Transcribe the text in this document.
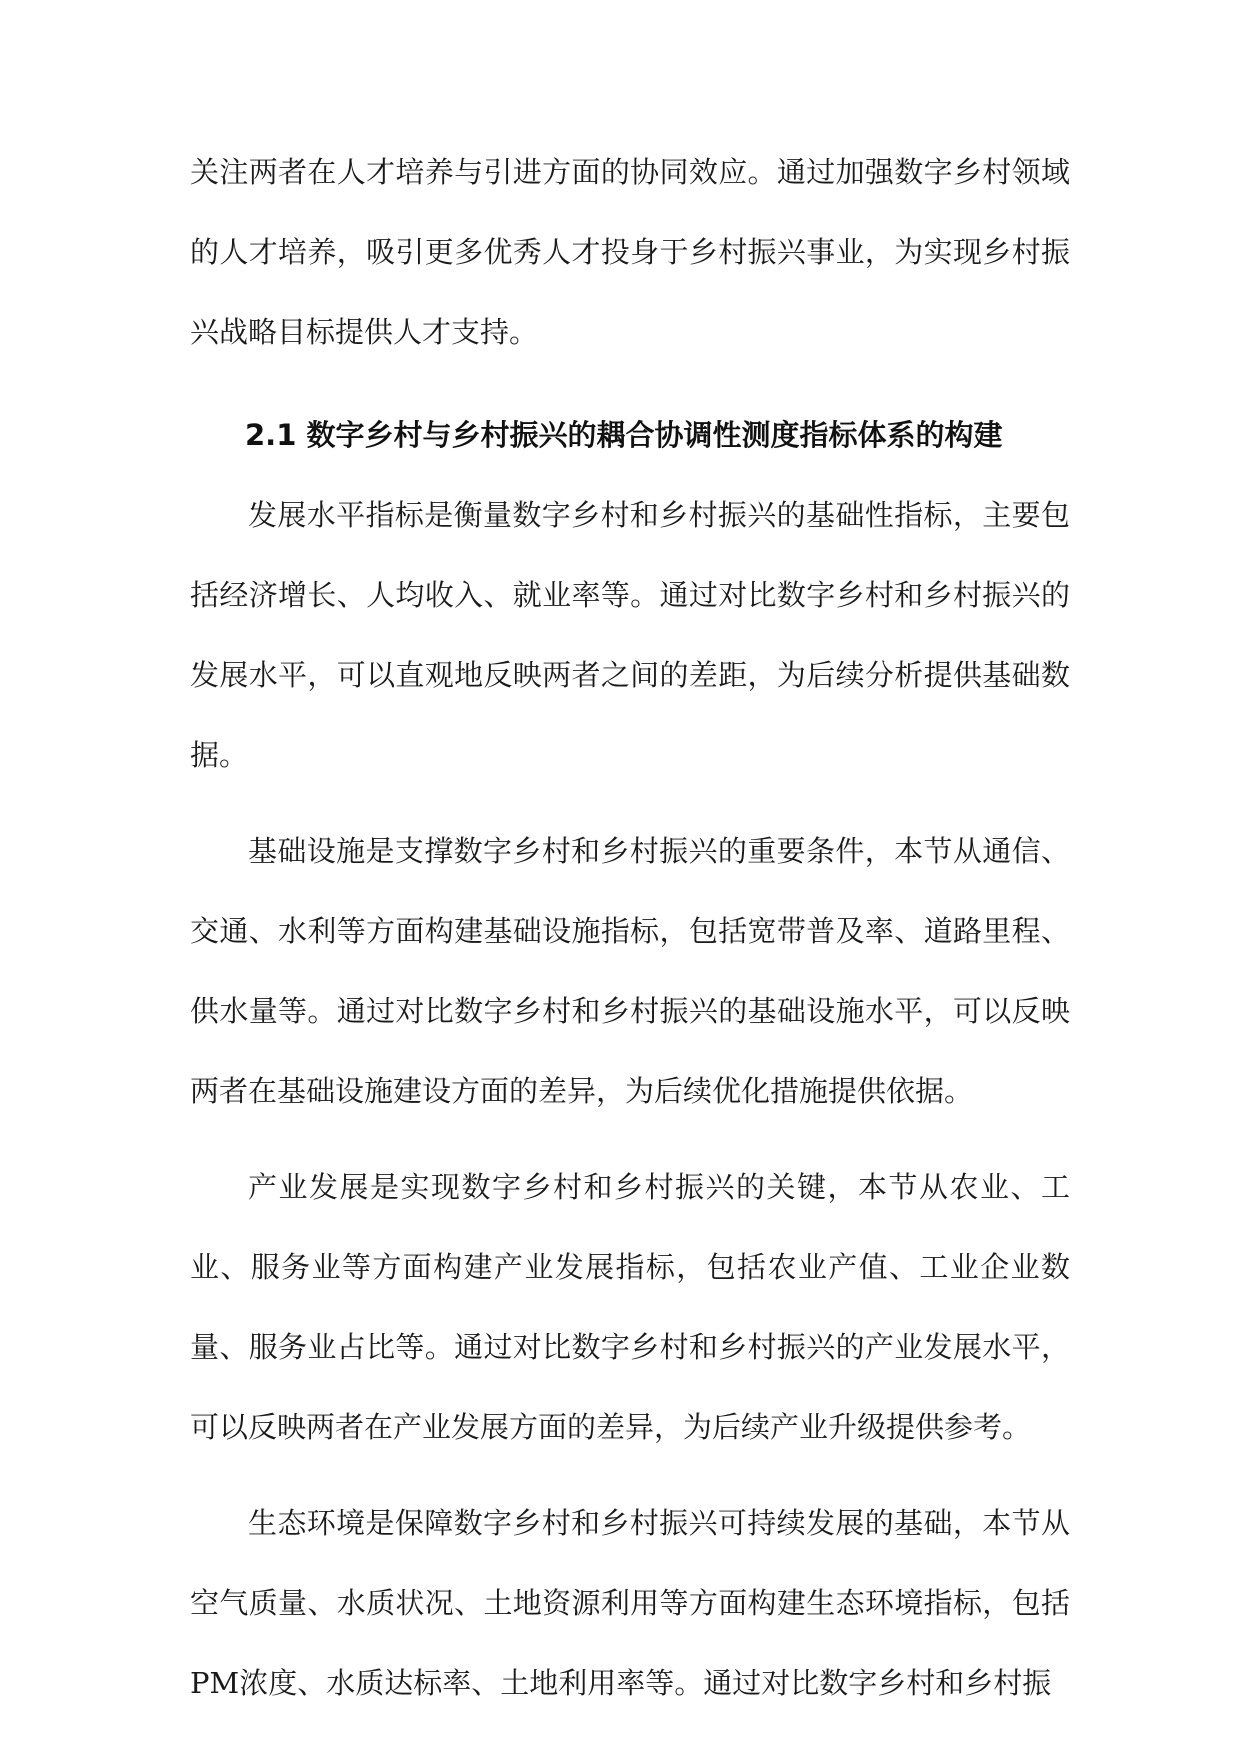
关注两者在人才培养与引进方面的协同效应。通过加强数字乡村领域的人才培养，吸引更多优秀人才投身于乡村振兴事业，为实现乡村振兴战略目标提供人才支持。

2.1 数字乡村与乡村振兴的耦合协调性测度指标体系的构建

发展水平指标是衡量数字乡村和乡村振兴的基础性指标，主要包括经济增长、人均收入、就业率等。通过对比数字乡村和乡村振兴的发展水平，可以直观地反映两者之间的差距，为后续分析提供基础数据。

基础设施是支撑数字乡村和乡村振兴的重要条件，本节从通信、交通、水利等方面构建基础设施指标，包括宽带普及率、道路里程、供水量等。通过对比数字乡村和乡村振兴的基础设施水平，可以反映两者在基础设施建设方面的差异，为后续优化措施提供依据。

产业发展是实现数字乡村和乡村振兴的关键，本节从农业、工业、服务业等方面构建产业发展指标，包括农业产值、工业企业数量、服务业占比等。通过对比数字乡村和乡村振兴的产业发展水平，可以反映两者在产业发展方面的差异，为后续产业升级提供参考。

生态环境是保障数字乡村和乡村振兴可持续发展的基础，本节从空气质量、水质状况、土地资源利用等方面构建生态环境指标，包括PM浓度、水质达标率、土地利用率等。通过对比数字乡村和乡村振
